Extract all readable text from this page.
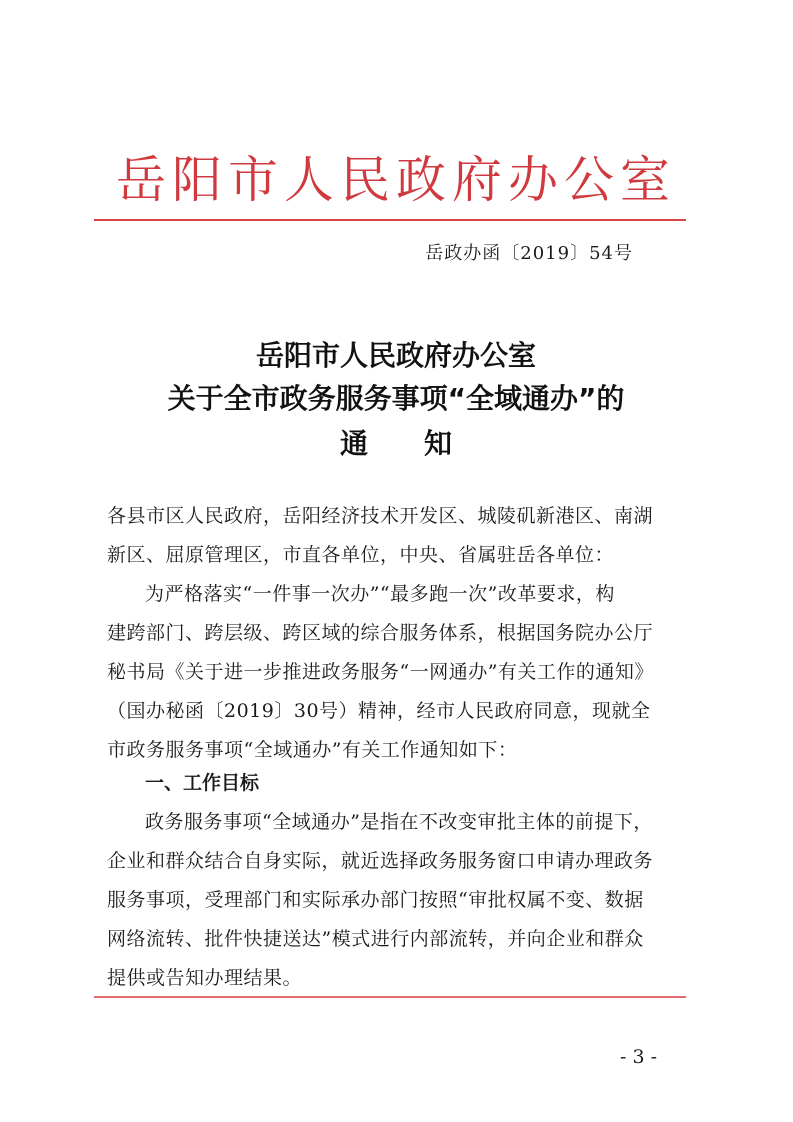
岳阳市人民政府办公室
岳政办函〔2019〕54号
岳阳市人民政府办公室
关于全市政务服务事项“全域通办”的
通知
各县市区人民政府，岳阳经济技术开发区、城陵矶新港区、南湖
新区、屈原管理区，市直各单位，中央、省属驻岳各单位：
为严格落实“一件事一次办”“最多跑一次”改革要求，构
建跨部门、跨层级、跨区域的综合服务体系，根据国务院办公厅
秘书局《关于进一步推进政务服务“一网通办”有关工作的通知》
（国办秘函〔2019〕30号）精神，经市人民政府同意，现就全
市政务服务事项“全域通办”有关工作通知如下：
一、工作目标
政务服务事项“全域通办”是指在不改变审批主体的前提下，
企业和群众结合自身实际，就近选择政务服务窗口申请办理政务
服务事项，受理部门和实际承办部门按照“审批权属不变、数据
网络流转、批件快捷送达”模式进行内部流转，并向企业和群众
提供或告知办理结果。
- 3 -
